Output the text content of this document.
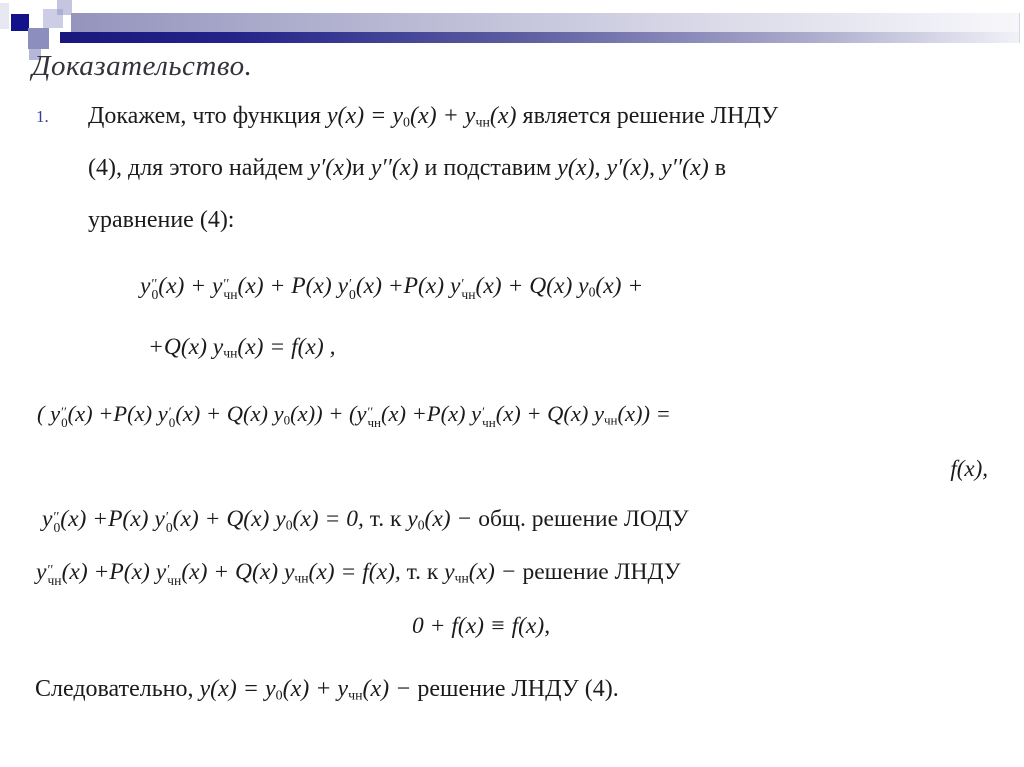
Доказательство.
1. Докажем, что функция $y(x) = y_0(x) + y_{чн}(x)$ является решение ЛНДУ
(4), для этого найдем y′(x)и y′′(x) и подставим y(x), y′(x), y′′(x) в
уравнение (4):
y ′′
0 (x) + y ′′
чн (x) + P(x) y ′
0 (x) +P(x) y ′
чн (x) + Q(x) $y_0(x)$ +
+Q(x) $y_{чн}(x) = f(x)$ ,
( y ′′
0 (x) +P(x) y ′
0 (x) + Q(x) $y_0(x)) + (y$ ′′
чн (x) +P(x) y ′
чн (x) + Q(x) $y_{чн}(x)$) =
f(x),
y ′′
0 (x) +P(x) y ′
0 (x) + Q(x) $y_0(x) = 0$, т. к $y_0(x)$ − общ. решение ЛОДУ
y ′′
чн (x) +P(x) y ′
чн (x) + Q(x) $y_{чн}(x) = f(x)$, т. к $y_{чн}(x)$ − решение ЛНДУ
0 + f(x) ≡ f(x),
Следовательно, $y(x) = y_0(x) + y_{чн}(x)$ − решение ЛНДУ (4).
